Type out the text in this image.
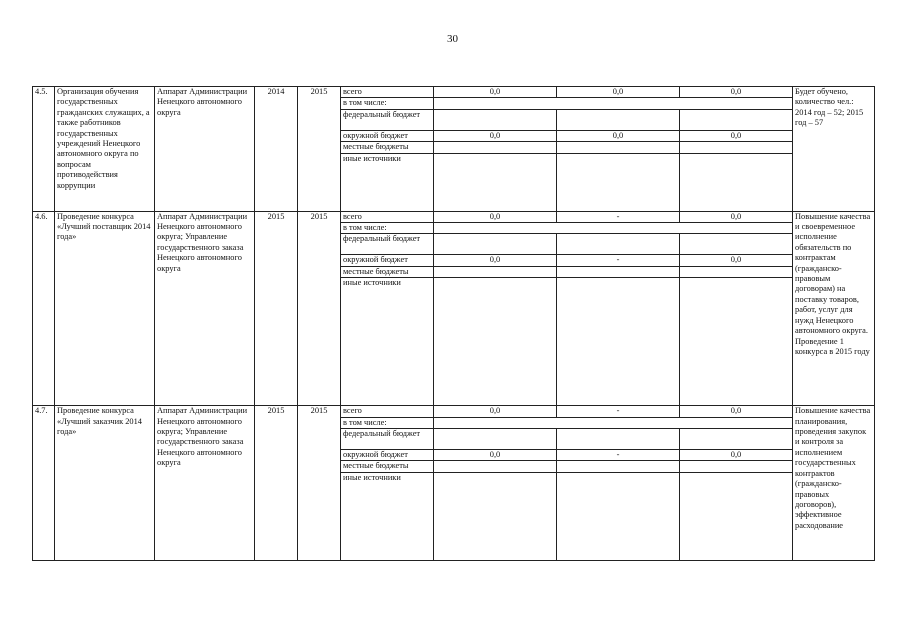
30
4.5.	Организация обучения государственных гражданских служащих, а также работников государственных учреждений Ненецкого автономного округа по вопросам противодействия коррупции	Аппарат Администрации Ненецкого автономного округа	2014	2015	всего	0,0	0,0	0,0	Будет обучено, количество чел.: 2014 год – 52; 2015 год – 57
					в том числе:				
					федеральный бюджет				
					окружной бюджет	0,0	0,0	0,0	
					местные бюджеты				
					иные источники				
4.6.	Проведение конкурса «Лучший поставщик 2014 года»	Аппарат Администрации Ненецкого автономного округа; Управление государственного заказа Ненецкого автономного округа	2015	2015	всего	0,0	-	0,0	Повышение качества и своевременное исполнение обязательств по контрактам (гражданско-правовым договорам) на поставку товаров, работ, услуг для нужд Ненецкого автономного округа. Проведение 1 конкурса в 2015 году
					в том числе:				
					федеральный бюджет				
					окружной бюджет	0,0	-	0,0	
					местные бюджеты				
					иные источники				
4.7.	Проведение конкурса «Лучший заказчик 2014 года»	Аппарат Администрации Ненецкого автономного округа; Управление государственного заказа Ненецкого автономного округа	2015	2015	всего	0,0	-	0,0	Повышение качества планирования, проведения закупок и контроля за исполнением государственных контрактов (гражданско-правовых договоров), эффективное расходование
					в том числе:				
					федеральный бюджет				
					окружной бюджет	0,0	-	0,0	
					местные бюджеты				
					иные источники				
